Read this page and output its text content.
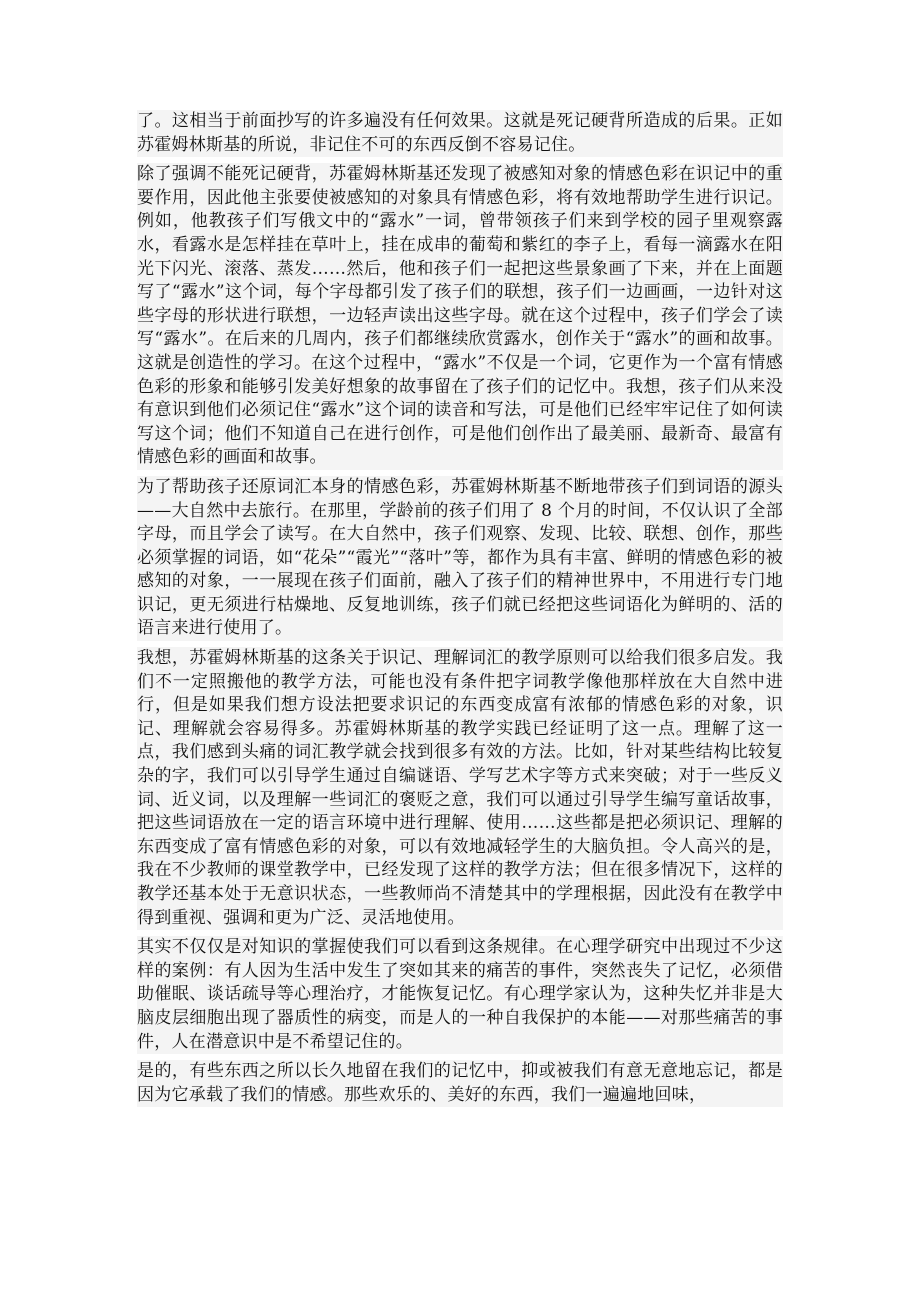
了。这相当于前面抄写的许多遍没有任何效果。这就是死记硬背所造成的后果。正如苏霍姆林斯基的所说，非记住不可的东西反倒不容易记住。

除了强调不能死记硬背，苏霍姆林斯基还发现了被感知对象的情感色彩在识记中的重要作用，因此他主张要使被感知的对象具有情感色彩，将有效地帮助学生进行识记。例如，他教孩子们写俄文中的“露水”一词，曾带领孩子们来到学校的园子里观察露水，看露水是怎样挂在草叶上，挂在成串的葡萄和紫红的李子上，看每一滴露水在阳光下闪光、滚落、蒸发……然后，他和孩子们一起把这些景象画了下来，并在上面题写了“露水”这个词，每个字母都引发了孩子们的联想，孩子们一边画画，一边针对这些字母的形状进行联想，一边轻声读出这些字母。就在这个过程中，孩子们学会了读写“露水”。在后来的几周内，孩子们都继续欣赏露水，创作关于“露水”的画和故事。这就是创造性的学习。在这个过程中，“露水”不仅是一个词，它更作为一个富有情感色彩的形象和能够引发美好想象的故事留在了孩子们的记忆中。我想，孩子们从来没有意识到他们必须记住“露水”这个词的读音和写法，可是他们已经牢牢记住了如何读写这个词；他们不知道自己在进行创作，可是他们创作出了最美丽、最新奇、最富有情感色彩的画面和故事。

为了帮助孩子还原词汇本身的情感色彩，苏霍姆林斯基不断地带孩子们到词语的源头——大自然中去旅行。在那里，学龄前的孩子们用了 8 个月的时间，不仅认识了全部字母，而且学会了读写。在大自然中，孩子们观察、发现、比较、联想、创作，那些必须掌握的词语，如“花朵”“霞光”“落叶”等，都作为具有丰富、鲜明的情感色彩的被感知的对象，一一展现在孩子们面前，融入了孩子们的精神世界中，不用进行专门地识记，更无须进行枯燥地、反复地训练，孩子们就已经把这些词语化为鲜明的、活的语言来进行使用了。

我想，苏霍姆林斯基的这条关于识记、理解词汇的教学原则可以给我们很多启发。我们不一定照搬他的教学方法，可能也没有条件把字词教学像他那样放在大自然中进行，但是如果我们想方设法把要求识记的东西变成富有浓郁的情感色彩的对象，识记、理解就会容易得多。苏霍姆林斯基的教学实践已经证明了这一点。理解了这一点，我们感到头痛的词汇教学就会找到很多有效的方法。比如，针对某些结构比较复杂的字，我们可以引导学生通过自编谜语、学写艺术字等方式来突破；对于一些反义词、近义词，以及理解一些词汇的褒贬之意，我们可以通过引导学生编写童话故事，把这些词语放在一定的语言环境中进行理解、使用……这些都是把必须识记、理解的东西变成了富有情感色彩的对象，可以有效地减轻学生的大脑负担。令人高兴的是，我在不少教师的课堂教学中，已经发现了这样的教学方法；但在很多情况下，这样的教学还基本处于无意识状态，一些教师尚不清楚其中的学理根据，因此没有在教学中得到重视、强调和更为广泛、灵活地使用。

其实不仅仅是对知识的掌握使我们可以看到这条规律。在心理学研究中出现过不少这样的案例：有人因为生活中发生了突如其来的痛苦的事件，突然丧失了记忆，必须借助催眠、谈话疏导等心理治疗，才能恢复记忆。有心理学家认为，这种失忆并非是大脑皮层细胞出现了器质性的病变，而是人的一种自我保护的本能——对那些痛苦的事件，人在潜意识中是不希望记住的。

是的，有些东西之所以长久地留在我们的记忆中，抑或被我们有意无意地忘记，都是因为它承载了我们的情感。那些欢乐的、美好的东西，我们一遍遍地回味，
